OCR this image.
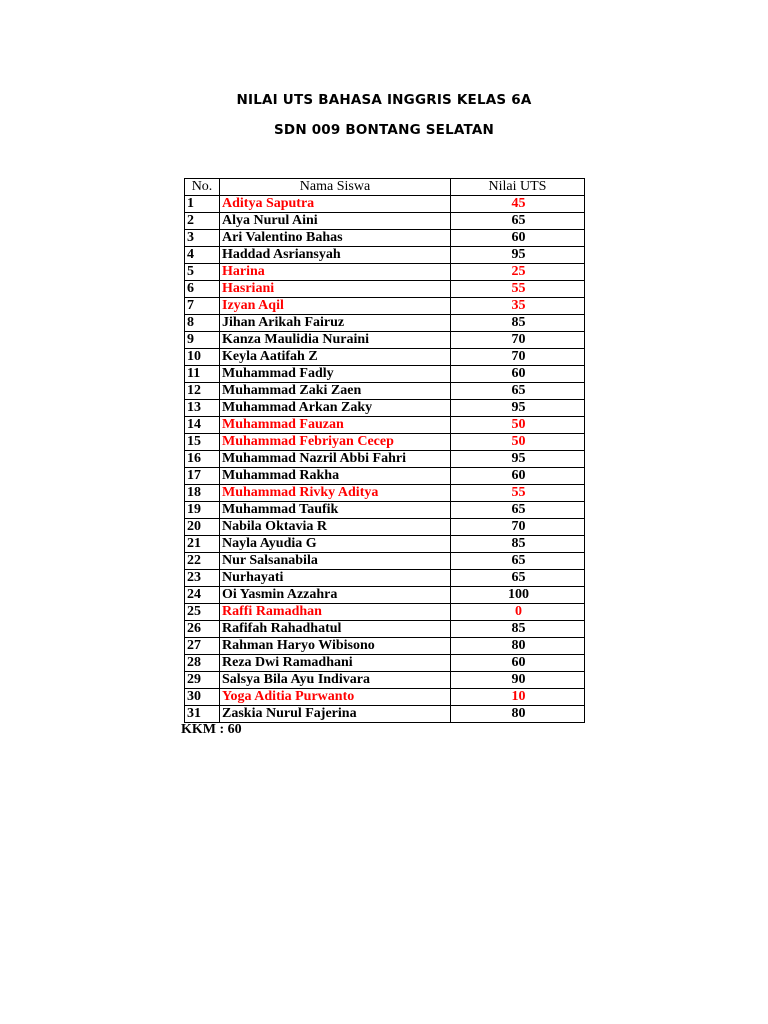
NILAI UTS BAHASA INGGRIS KELAS 6A
SDN 009 BONTANG SELATAN
No.	Nama Siswa	Nilai UTS
1	Aditya Saputra	45
2	Alya Nurul Aini	65
3	Ari Valentino Bahas	60
4	Haddad Asriansyah	95
5	Harina	25
6	Hasriani	55
7	Izyan Aqil	35
8	Jihan Arikah Fairuz	85
9	Kanza Maulidia Nuraini	70
10	Keyla Aatifah Z	70
11	Muhammad Fadly	60
12	Muhammad Zaki Zaen	65
13	Muhammad Arkan Zaky	95
14	Muhammad Fauzan	50
15	Muhammad Febriyan Cecep	50
16	Muhammad Nazril Abbi Fahri	95
17	Muhammad Rakha	60
18	Muhammad Rivky Aditya	55
19	Muhammad Taufik	65
20	Nabila Oktavia R	70
21	Nayla Ayudia G	85
22	Nur Salsanabila	65
23	Nurhayati	65
24	Oi Yasmin Azzahra	100
25	Raffi Ramadhan	0
26	Rafifah Rahadhatul	85
27	Rahman Haryo Wibisono	80
28	Reza Dwi Ramadhani	60
29	Salsya Bila Ayu Indivara	90
30	Yoga Aditia Purwanto	10
31	Zaskia Nurul Fajerina	80
KKM : 60
